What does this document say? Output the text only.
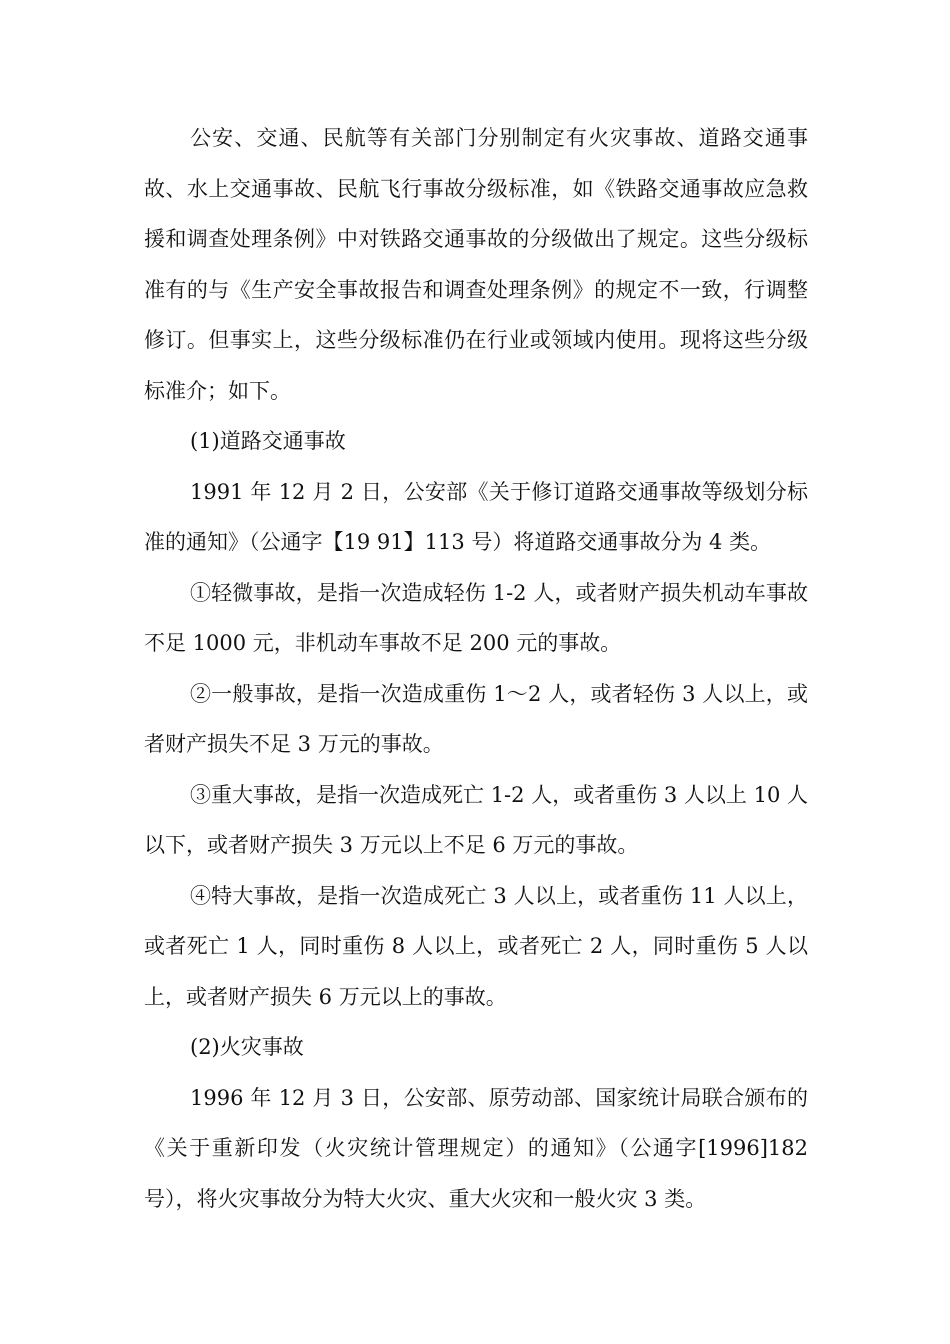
公安、交通、民航等有关部门分别制定有火灾事故、道路交通事故、水上交通事故、民航飞行事故分级标准，如《铁路交通事故应急救援和调查处理条例》中对铁路交通事故的分级做出了规定。这些分级标准有的与《生产安全事故报告和调查处理条例》的规定不一致，行调整修订。但事实上，这些分级标准仍在行业或领域内使用。现将这些分级标准介；如下。

(1)道路交通事故

1991 年 12 月 2 日，公安部《关于修订道路交通事故等级划分标准的通知》（公通字【19 91】113 号）将道路交通事故分为 4 类。

①轻微事故，是指一次造成轻伤 1-2 人，或者财产损失机动车事故不足 1000 元，非机动车事故不足 200 元的事故。

②一般事故，是指一次造成重伤 1～2 人，或者轻伤 3 人以上，或者财产损失不足 3 万元的事故。

③重大事故，是指一次造成死亡 1-2 人，或者重伤 3 人以上 10 人以下，或者财产损失 3 万元以上不足 6 万元的事故。

④特大事故，是指一次造成死亡 3 人以上，或者重伤 11 人以上，或者死亡 1 人，同时重伤 8 人以上，或者死亡 2 人，同时重伤 5 人以上，或者财产损失 6 万元以上的事故。

(2)火灾事故

1996 年 12 月 3 日，公安部、原劳动部、国家统计局联合颁布的《关于重新印发（火灾统计管理规定）的通知》（公通字[1996]182 号），将火灾事故分为特大火灾、重大火灾和一般火灾 3 类。
